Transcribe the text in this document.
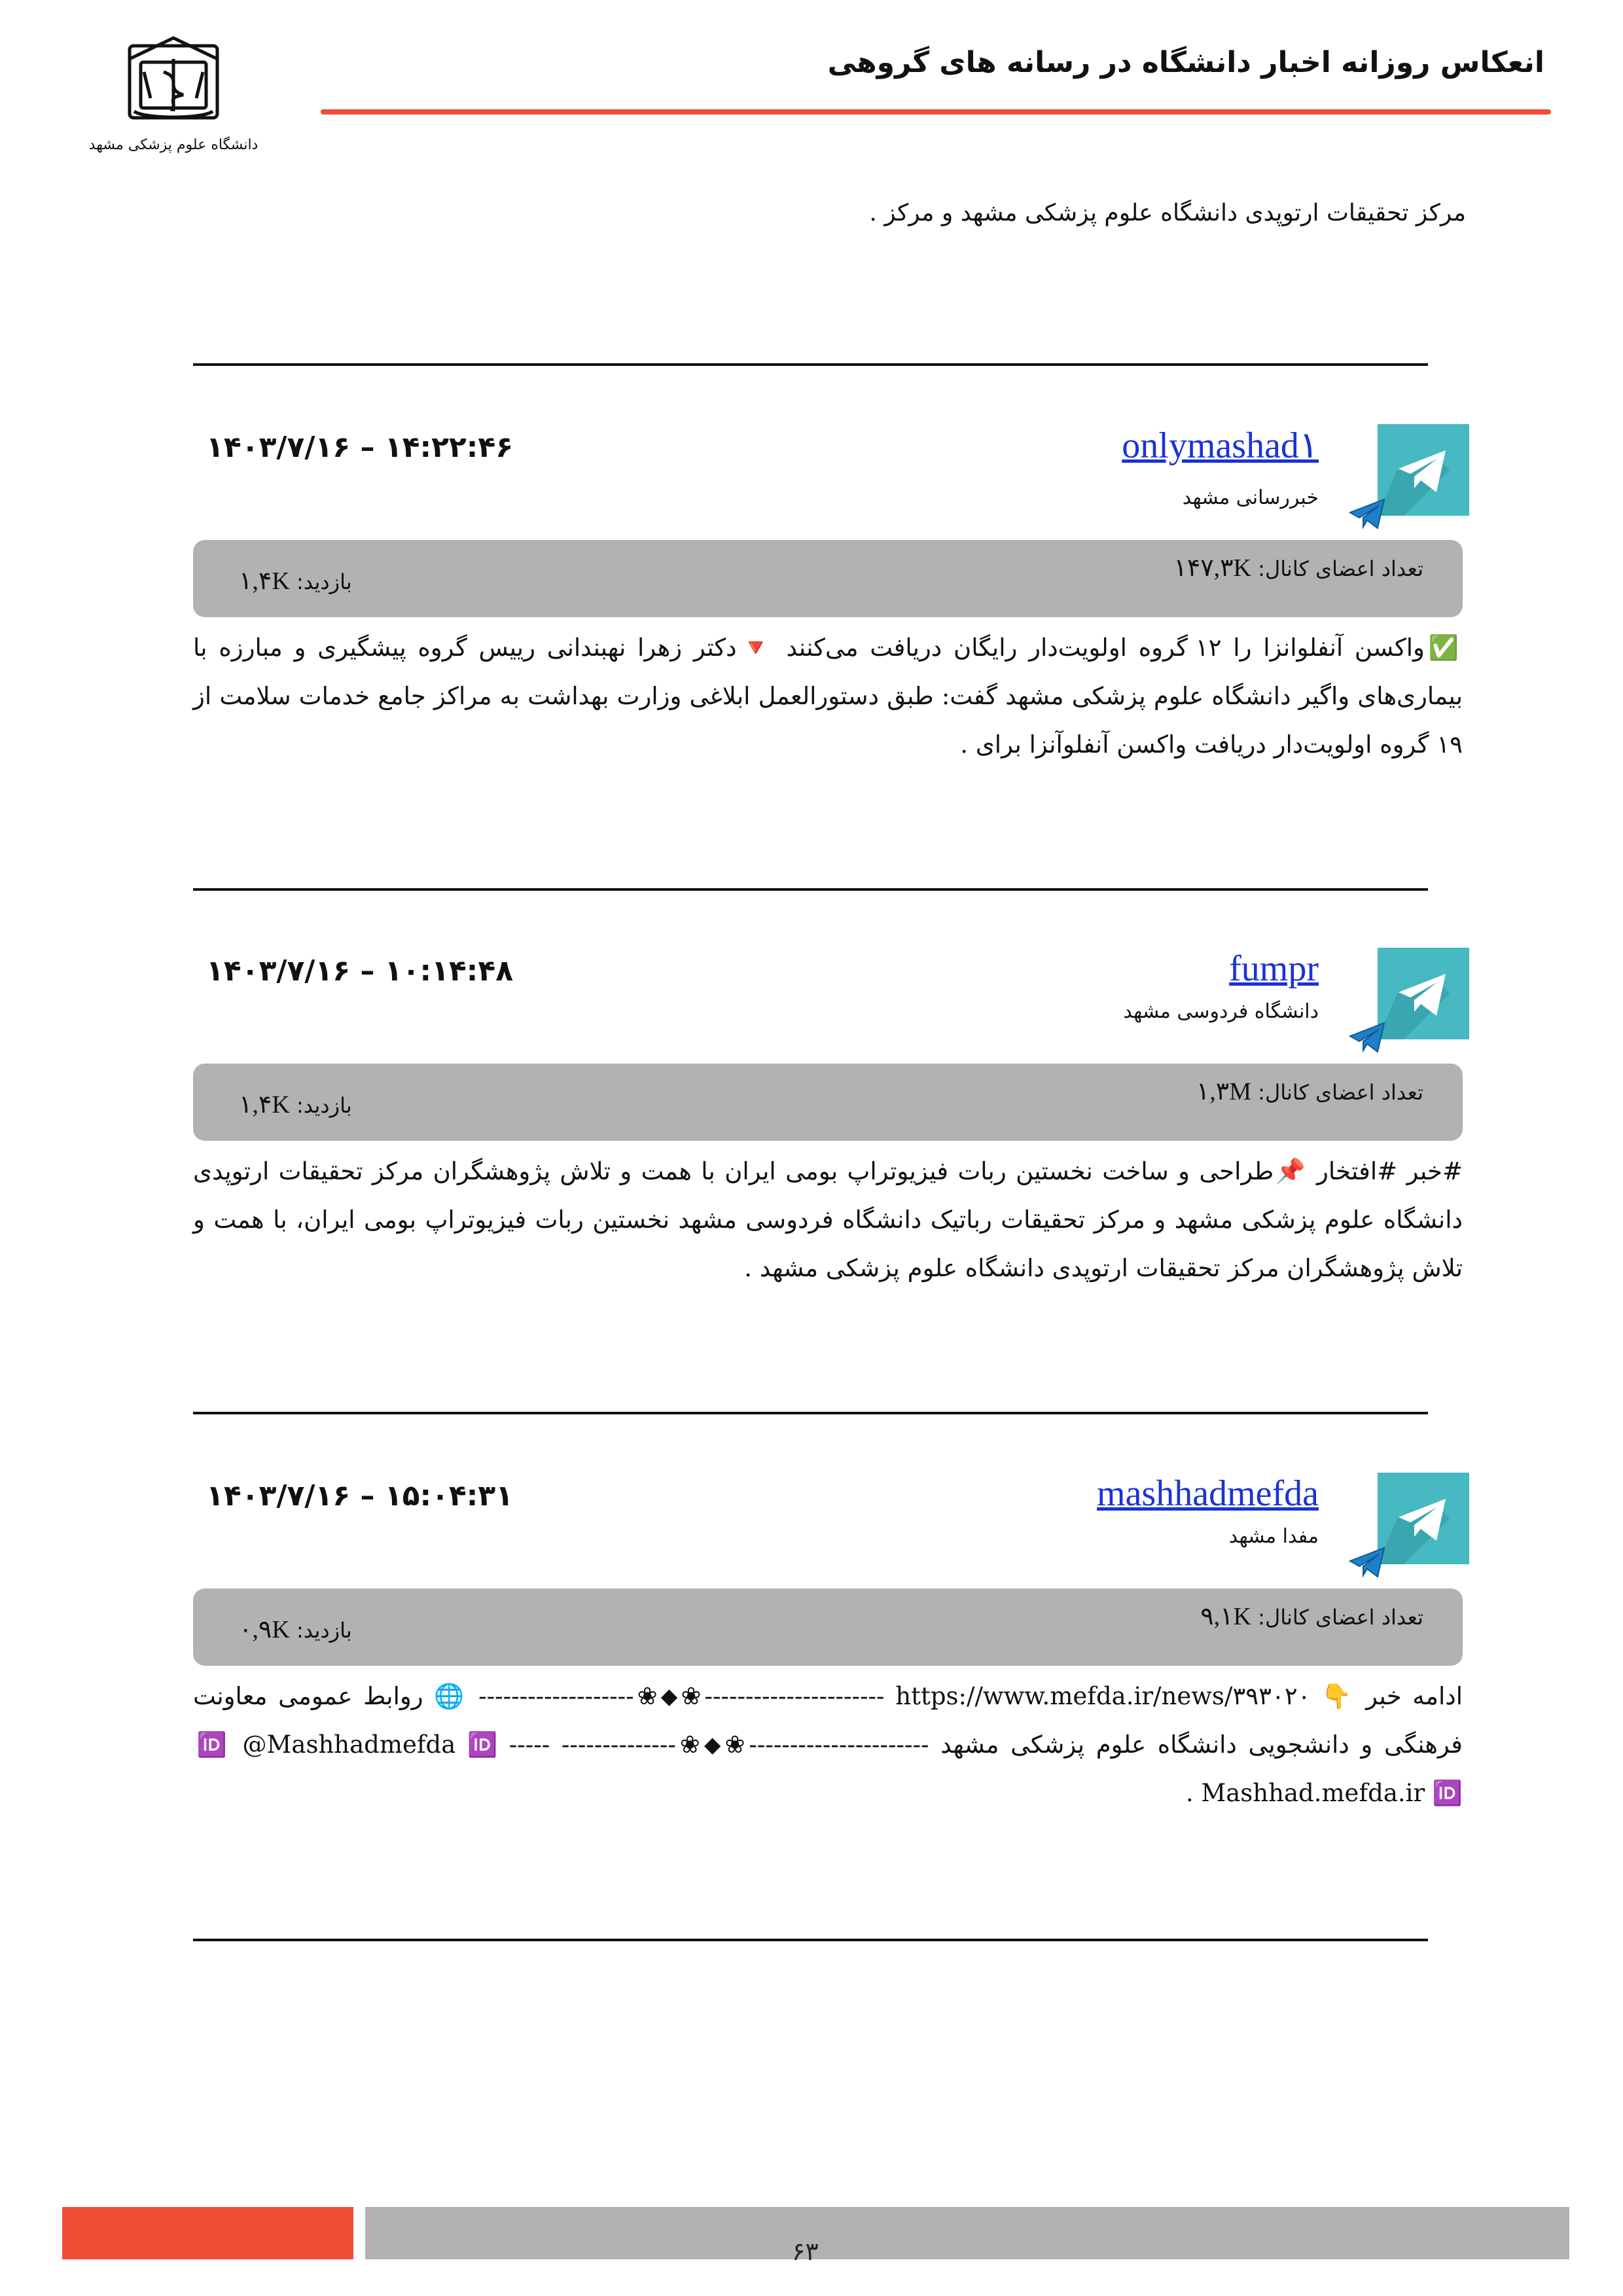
دانشگاه علوم پزشکی مشهد
انعکاس روزانه اخبار دانشگاه در رسانه های گروهی
مرکز تحقیقات ارتوپدی دانشگاه علوم پزشکی مشهد و مرکز .
onlymashad۱
خبررسانی مشهد
۱۴۰۳/۷/۱۶ – ۱۴:۲۲:۴۶
تعداد اعضای کانال: ۱۴۷,۳K
بازدید: ۱,۴K

✅واکسن آنفلوانزا را ۱۲ گروه اولویت‌دار رایگان دریافت می‌کنند 🔻دکتر زهرا نهبندانی رییس گروه پیشگیری و مبارزه با بیماری‌های واگیر دانشگاه علوم پزشکی مشهد گفت: طبق دستورالعمل ابلاغی وزارت بهداشت به مراکز جامع خدمات سلامت از ۱۹ گروه اولویت‌دار دریافت واکسن آنفلوآنزا برای .

fumpr
دانشگاه فردوسی مشهد
۱۴۰۳/۷/۱۶ – ۱۰:۱۴:۴۸
تعداد اعضای کانال: ۱,۳M
بازدید: ۱,۴K

#خبر #افتخار 📌طراحی و ساخت نخستین ربات فیزیوتراپ بومی ایران با همت و تلاش پژوهشگران مرکز تحقیقات ارتوپدی دانشگاه علوم پزشکی مشهد و مرکز تحقیقات رباتیک دانشگاه فردوسی مشهد نخستین ربات فیزیوتراپ بومی ایران، با همت و تلاش پژوهشگران مرکز تحقیقات ارتوپدی دانشگاه علوم پزشکی مشهد .

mashhadmefda
مفدا مشهد
۱۴۰۳/۷/۱۶ – ۱۵:۰۴:۳۱
تعداد اعضای کانال: ۹,۱K
بازدید: ۰,۹K

ادامه خبر 👇 https://www.mefda.ir/news/۳۹۳۰۲۰ ----------------------❀⬥❀------------------- 🌐 روابط عمومی معاونت فرهنگی و دانشجویی دانشگاه علوم پزشکی مشهد ----------------------❀⬥❀-------------- ----- 🆔 @Mashhadmefda 🆔 Mashhad.mefda.ir 🆔 .

۶۳
